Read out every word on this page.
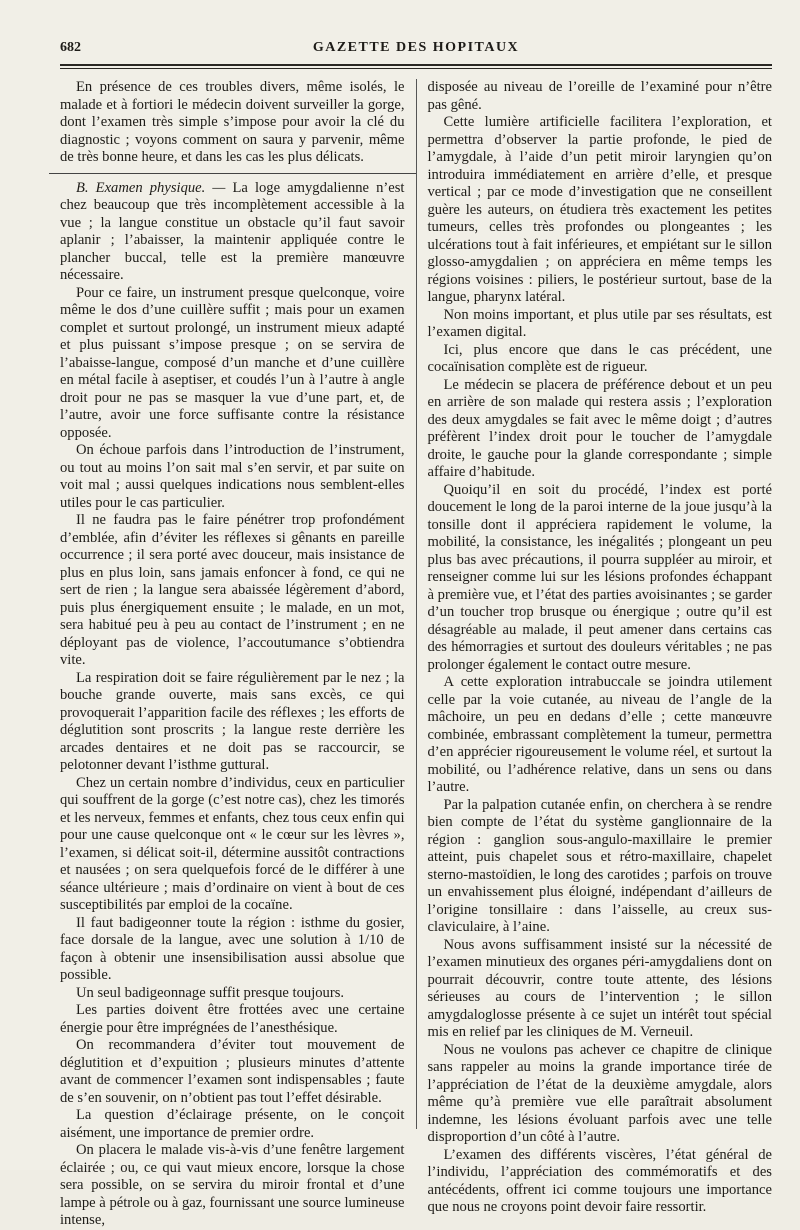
682	GAZETTE DES HOPITAUX

En présence de ces troubles divers, même isolés, le malade et à fortiori le médecin doivent surveiller la gorge, dont l’examen très simple s’impose pour avoir la clé du diagnostic ; voyons comment on saura y parvenir, même de très bonne heure, et dans les cas les plus délicats.

B. Examen physique. — La loge amygdalienne n’est chez beaucoup que très incomplètement accessible à la vue ; la langue constitue un obstacle qu’il faut savoir aplanir ; l’abaisser, la maintenir appliquée contre le plancher buccal, telle est la première manœuvre nécessaire.

Pour ce faire, un instrument presque quelconque, voire même le dos d’une cuillère suffit ; mais pour un examen complet et surtout prolongé, un instrument mieux adapté et plus puissant s’impose presque ; on se servira de l’abaisse-langue, composé d’un manche et d’une cuillère en métal facile à aseptiser, et coudés l’un à l’autre à angle droit pour ne pas se masquer la vue d’une part, et, de l’autre, avoir une force suffisante contre la résistance opposée.

On échoue parfois dans l’introduction de l’instrument, ou tout au moins l’on sait mal s’en servir, et par suite on voit mal ; aussi quelques indications nous semblent-elles utiles pour le cas particulier.

Il ne faudra pas le faire pénétrer trop profondément d’emblée, afin d’éviter les réflexes si gênants en pareille occurrence ; il sera porté avec douceur, mais insistance de plus en plus loin, sans jamais enfoncer à fond, ce qui ne sert de rien ; la langue sera abaissée légèrement d’abord, puis plus énergiquement ensuite ; le malade, en un mot, sera habitué peu à peu au contact de l’instrument ; en ne déployant pas de violence, l’accoutumance s’obtiendra vite.

La respiration doit se faire régulièrement par le nez ; la bouche grande ouverte, mais sans excès, ce qui provoquerait l’apparition facile des réflexes ; les efforts de déglutition sont proscrits ; la langue reste derrière les arcades dentaires et ne doit pas se raccourcir, se pelotonner devant l’isthme guttural.

Chez un certain nombre d’individus, ceux en particulier qui souffrent de la gorge (c’est notre cas), chez les timorés et les nerveux, femmes et enfants, chez tous ceux enfin qui pour une cause quelconque ont « le cœur sur les lèvres », l’examen, si délicat soit-il, détermine aussitôt contractions et nausées ; on sera quelquefois forcé de le différer à une séance ultérieure ; mais d’ordinaire on vient à bout de ces susceptibilités par emploi de la cocaïne.

Il faut badigeonner toute la région : isthme du gosier, face dorsale de la langue, avec une solution à 1/10 de façon à obtenir une insensibilisation aussi absolue que possible.

Un seul badigeonnage suffit presque toujours.

Les parties doivent être frottées avec une certaine énergie pour être imprégnées de l’anesthésique.

On recommandera d’éviter tout mouvement de déglutition et d’expuition ; plusieurs minutes d’attente avant de commencer l’examen sont indispensables ; faute de s’en souvenir, on n’obtient pas tout l’effet désirable.

La question d’éclairage présente, on le conçoit aisément, une importance de premier ordre.

On placera le malade vis-à-vis d’une fenêtre largement éclairée ; ou, ce qui vaut mieux encore, lorsque la chose sera possible, on se servira du miroir frontal et d’une lampe à pétrole ou à gaz, fournissant une source lumineuse intense,

disposée au niveau de l’oreille de l’examiné pour n’être pas gêné.

Cette lumière artificielle facilitera l’exploration, et permettra d’observer la partie profonde, le pied de l’amygdale, à l’aide d’un petit miroir laryngien qu’on introduira immédiatement en arrière d’elle, et presque vertical ; par ce mode d’investigation que ne conseillent guère les auteurs, on étudiera très exactement les petites tumeurs, celles très profondes ou plongeantes ; les ulcérations tout à fait inférieures, et empiétant sur le sillon glosso-amygdalien ; on appréciera en même temps les régions voisines : piliers, le postérieur surtout, base de la langue, pharynx latéral.

Non moins important, et plus utile par ses résultats, est l’examen digital.

Ici, plus encore que dans le cas précédent, une cocaïnisation complète est de rigueur.

Le médecin se placera de préférence debout et un peu en arrière de son malade qui restera assis ; l’exploration des deux amygdales se fait avec le même doigt ; d’autres préfèrent l’index droit pour le toucher de l’amygdale droite, le gauche pour la glande correspondante ; simple affaire d’habitude.

Quoiqu’il en soit du procédé, l’index est porté doucement le long de la paroi interne de la joue jusqu’à la tonsille dont il appréciera rapidement le volume, la mobilité, la consistance, les inégalités ; plongeant un peu plus bas avec précautions, il pourra suppléer au miroir, et renseigner comme lui sur les lésions profondes échappant à première vue, et l’état des parties avoisinantes ; se garder d’un toucher trop brusque ou énergique ; outre qu’il est désagréable au malade, il peut amener dans certains cas des hémorragies et surtout des douleurs véritables ; ne pas prolonger également le contact outre mesure.

A cette exploration intrabuccale se joindra utilement celle par la voie cutanée, au niveau de l’angle de la mâchoire, un peu en dedans d’elle ; cette manœuvre combinée, embrassant complètement la tumeur, permettra d’en apprécier rigoureusement le volume réel, et surtout la mobilité, ou l’adhérence relative, dans un sens ou dans l’autre.

Par la palpation cutanée enfin, on cherchera à se rendre bien compte de l’état du système ganglionnaire de la région : ganglion sous-angulo-maxillaire le premier atteint, puis chapelet sous et rétro-maxillaire, chapelet sterno-mastoïdien, le long des carotides ; parfois on trouve un envahissement plus éloigné, indépendant d’ailleurs de l’origine tonsillaire : dans l’aisselle, au creux sus-claviculaire, à l’aine.

Nous avons suffisamment insisté sur la nécessité de l’examen minutieux des organes péri-amygdaliens dont on pourrait découvrir, contre toute attente, des lésions sérieuses au cours de l’intervention ; le sillon amygdaloglosse présente à ce sujet un intérêt tout spécial mis en relief par les cliniques de M. Verneuil.

Nous ne voulons pas achever ce chapitre de clinique sans rappeler au moins la grande importance tirée de l’appréciation de l’état de la deuxième amygdale, alors même qu’à première vue elle paraîtrait absolument indemne, les lésions évoluant parfois avec une telle disproportion d’un côté à l’autre.

L’examen des différents viscères, l’état général de l’individu, l’appréciation des commémoratifs et des antécédents, offrent ici comme toujours une importance que nous ne croyons point devoir faire ressortir.
